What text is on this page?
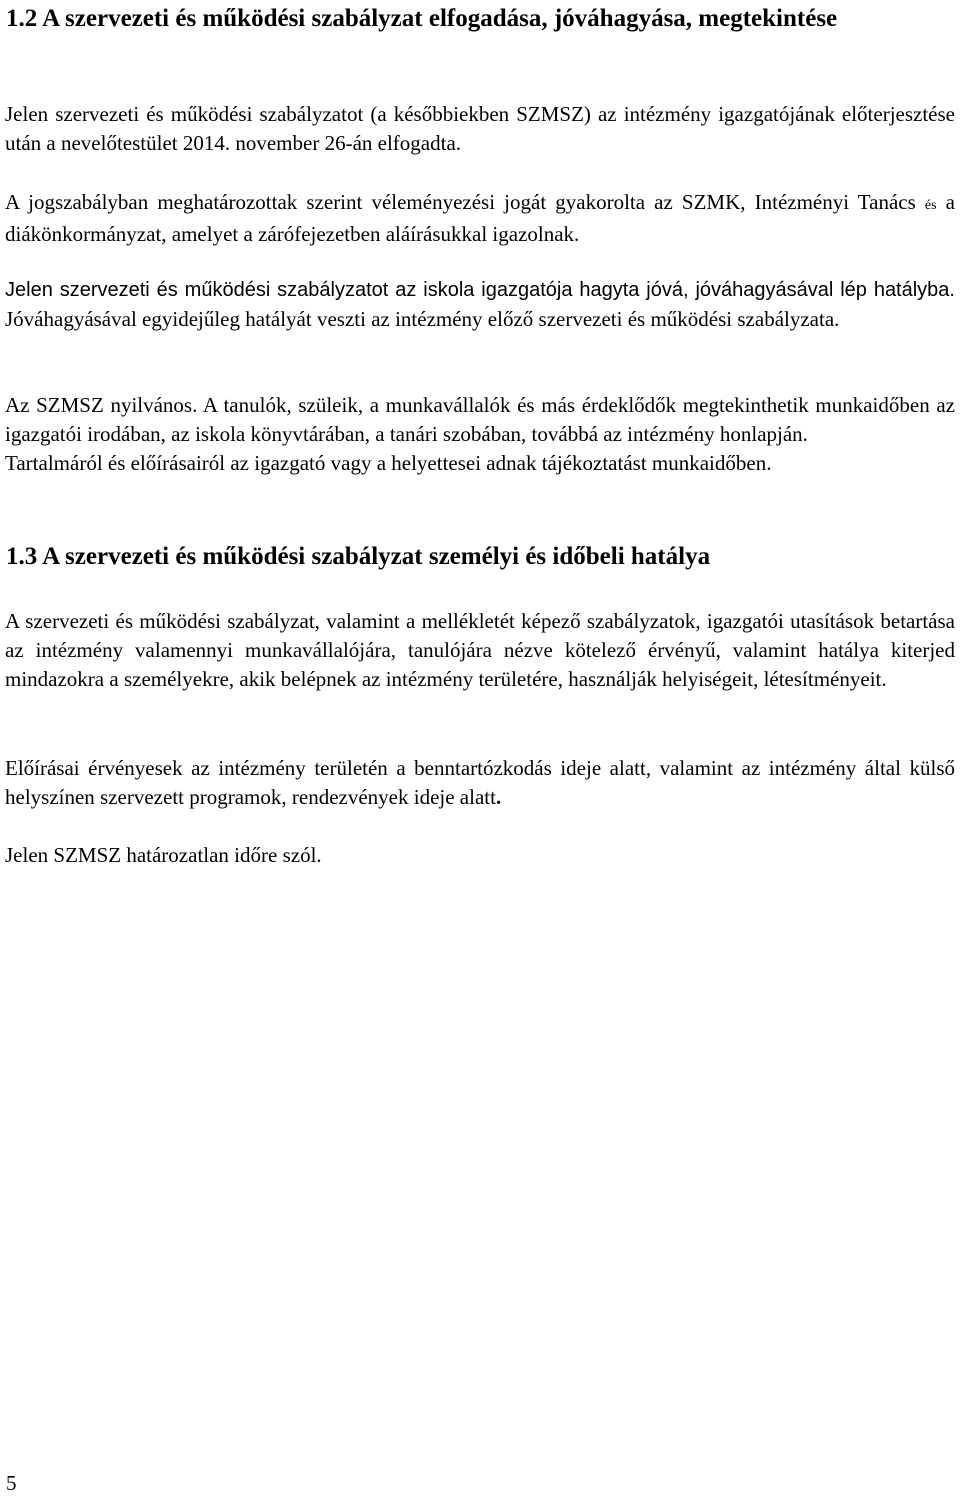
1.2 A szervezeti és működési szabályzat elfogadása, jóváhagyása, megtekintése

Jelen szervezeti és működési szabályzatot (a későbbiekben SZMSZ) az intézmény igazgatójának előterjesztése után a nevelőtestület 2014. november 26-án elfogadta.

A jogszabályban meghatározottak szerint véleményezési jogát gyakorolta az SZMK, Intézményi Tanács és a diákönkormányzat, amelyet a zárófejezetben aláírásukkal igazolnak.

Jelen szervezeti és működési szabályzatot az iskola igazgatója hagyta jóvá, jóváhagyásával lép hatályba. Jóváhagyásával egyidejűleg hatályát veszti az intézmény előző szervezeti és működési szabályzata.

Az SZMSZ nyilvános. A tanulók, szüleik, a munkavállalók és más érdeklődők megtekinthetik munkaidőben az igazgatói irodában, az iskola könyvtárában, a tanári szobában, továbbá az intézmény honlapján.
Tartalmáról és előírásairól az igazgató vagy a helyettesei adnak tájékoztatást munkaidőben.

1.3 A szervezeti és működési szabályzat személyi és időbeli hatálya

A szervezeti és működési szabályzat, valamint a mellékletét képező szabályzatok, igazgatói utasítások betartása az intézmény valamennyi munkavállalójára, tanulójára nézve kötelező érvényű, valamint hatálya kiterjed mindazokra a személyekre, akik belépnek az intézmény területére, használják helyiségeit, létesítményeit.

Előírásai érvényesek az intézmény területén a benntartózkodás ideje alatt, valamint az intézmény által külső helyszínen szervezett programok, rendezvények ideje alatt.

Jelen SZMSZ határozatlan időre szól.

5
